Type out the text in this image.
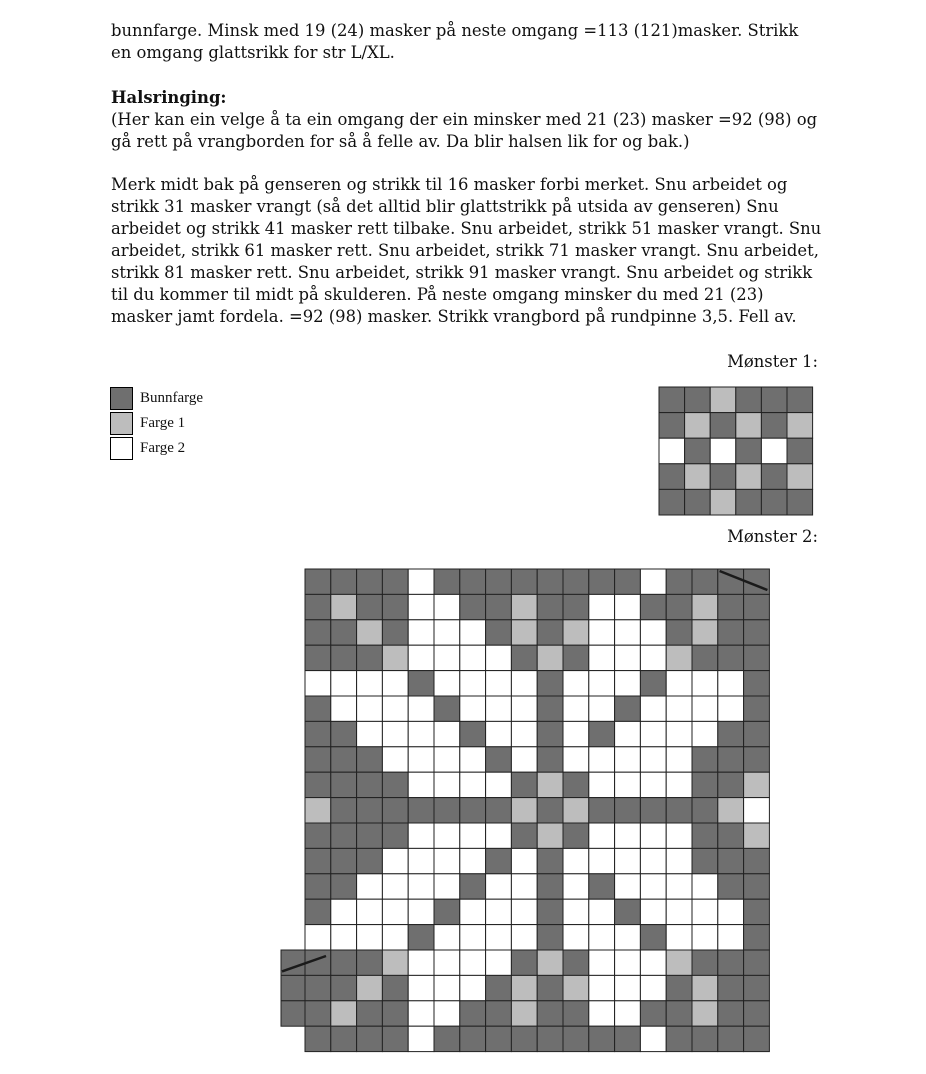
bunnfarge. Minsk med 19 (24) masker på neste omgang =113 (121)masker. Strikk en omgang glattsrikk for str L/XL.

Halsringing:

(Her kan ein velge å ta ein omgang der ein minsker med 21 (23) masker =92 (98) og gå rett på vrangborden for så å felle av. Da blir halsen lik for og bak.)

Merk midt bak på genseren og strikk til 16 masker forbi merket. Snu arbeidet og strikk 31 masker vrangt (så det alltid blir glattstrikk på utsida av genseren) Snu arbeidet og strikk 41 masker rett tilbake. Snu arbeidet, strikk 51 masker vrangt. Snu arbeidet, strikk 61 masker rett. Snu arbeidet, strikk 71 masker vrangt. Snu arbeidet, strikk 81 masker rett. Snu arbeidet, strikk 91 masker vrangt. Snu arbeidet og strikk til du kommer til midt på skulderen. På neste omgang minsker du med 21 (23) masker jamt fordela. =92 (98) masker. Strikk vrangbord på rundpinne 3,5. Fell av.

Mønster 1:
Mønster 2:
Bunnfarge
Farge 1
Farge 2
